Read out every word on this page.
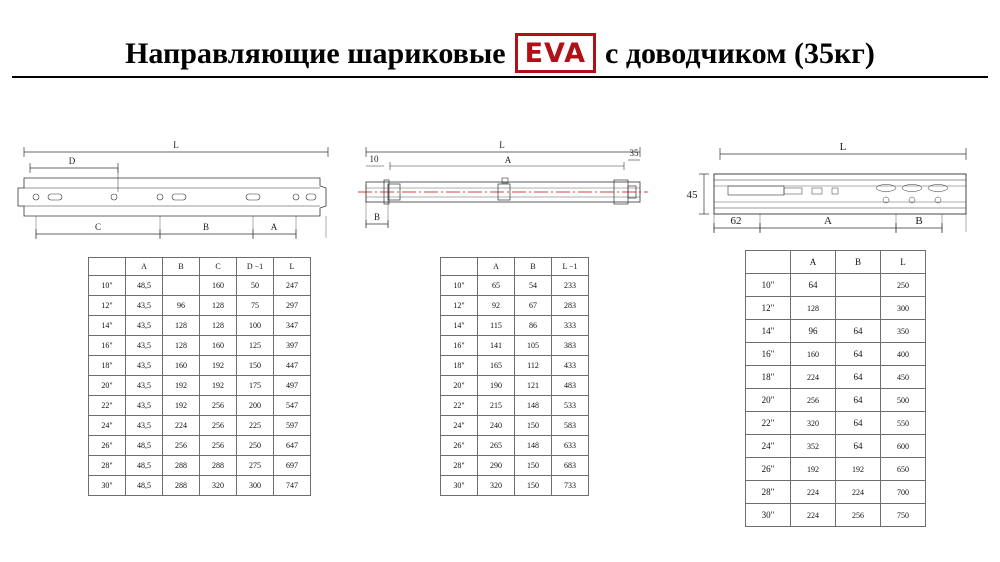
Направляющие шариковые EVA с доводчиком (35кг)
L
D
C	B	A
L
A
10
35
B
L
45
62	A	B
	A	B	C	D −1	L
10"	48,5		160	50	247
12"	43,5	96	128	75	297
14"	43,5	128	128	100	347
16"	43,5	128	160	125	397
18"	43,5	160	192	150	447
20"	43,5	192	192	175	497
22"	43,5	192	256	200	547
24"	43,5	224	256	225	597
26"	48,5	256	256	250	647
28"	48,5	288	288	275	697
30"	48,5	288	320	300	747
	A	B	L −1
10"	65	54	233
12"	92	67	283
14"	115	86	333
16"	141	105	383
18"	165	112	433
20"	190	121	483
22"	215	148	533
24"	240	150	583
26"	265	148	633
28"	290	150	683
30"	320	150	733
	A	B	L
10"	64		250
12"	128		300
14"	96	64	350
16"	160	64	400
18"	224	64	450
20"	256	64	500
22"	320	64	550
24"	352	64	600
26"	192	192	650
28"	224	224	700
30"	224	256	750
